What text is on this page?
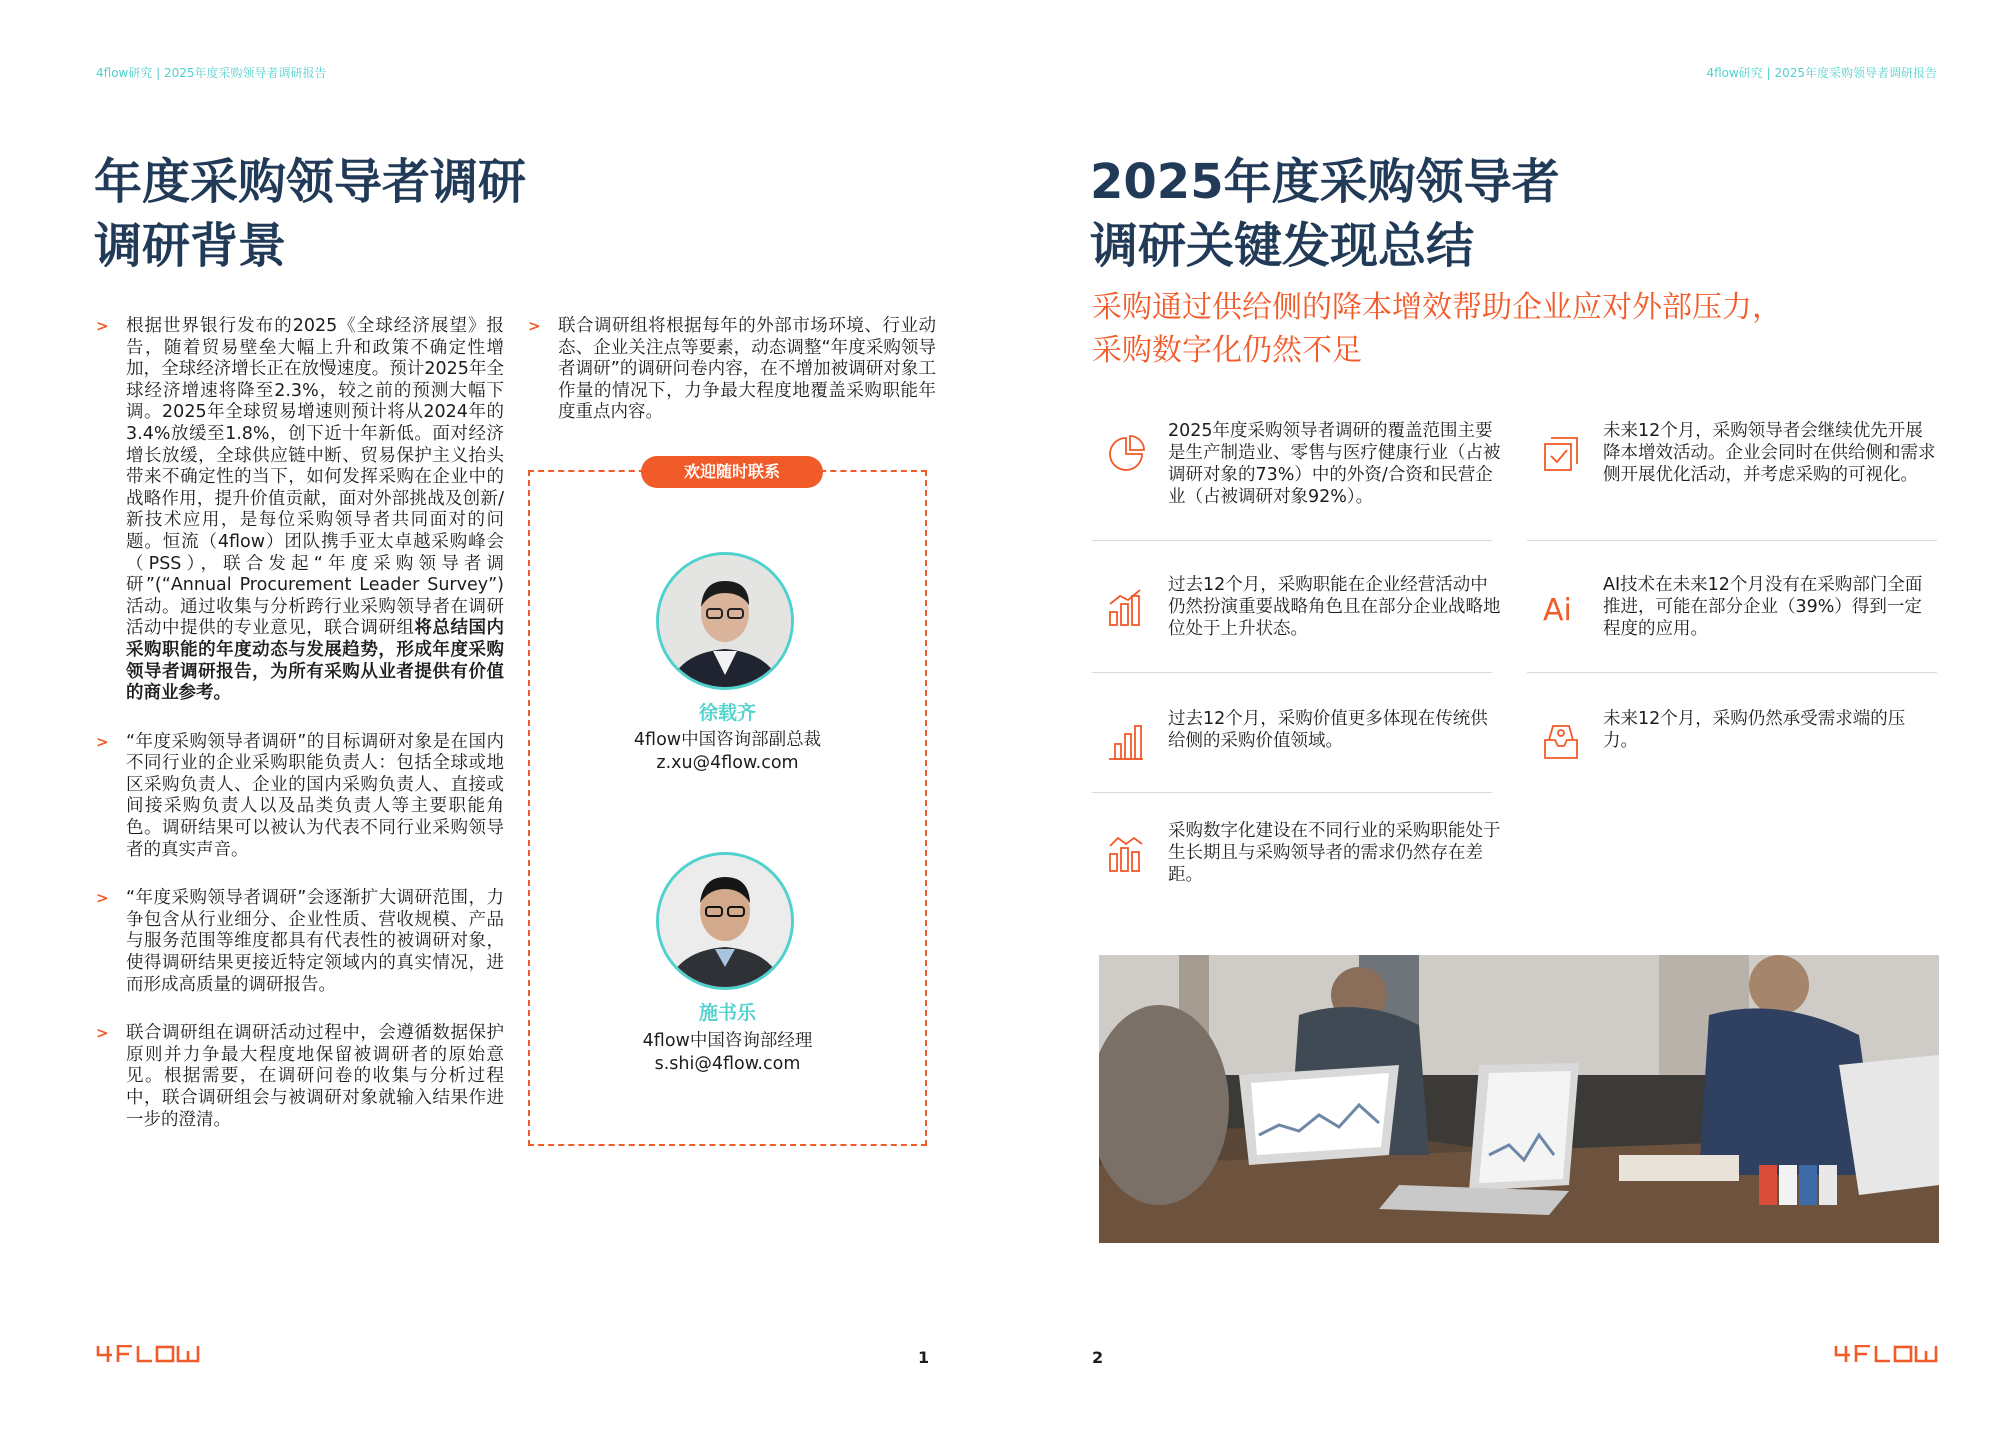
4flow研究 | 2025年度采购领导者调研报告
年度采购领导者调研
调研背景
> 根据世界银行发布的2025《全球经济展望》报告，随着贸易壁垒大幅上升和政策不确定性增加，全球经济增长正在放慢速度。预计2025年全球经济增速将降至2.3%，较之前的预测大幅下调。2025年全球贸易增速则预计将从2024年的3.4%放缓至1.8%，创下近十年新低。面对经济增长放缓，全球供应链中断、贸易保护主义抬头带来不确定性的当下，如何发挥采购在企业中的战略作用，提升价值贡献，面对外部挑战及创新/新技术应用，是每位采购领导者共同面对的问题。恒流（4flow）团队携手亚太卓越采购峰会（PSS），联合发起“年度采购领导者调研”(“Annual Procurement Leader Survey”)活动。通过收集与分析跨行业采购领导者在调研活动中提供的专业意见，联合调研组将总结国内采购职能的年度动态与发展趋势，形成年度采购领导者调研报告，为所有采购从业者提供有价值的商业参考。
> “年度采购领导者调研”的目标调研对象是在国内不同行业的企业采购职能负责人：包括全球或地区采购负责人、企业的国内采购负责人、直接或间接采购负责人以及品类负责人等主要职能角色。调研结果可以被认为代表不同行业采购领导者的真实声音。
> “年度采购领导者调研”会逐渐扩大调研范围，力争包含从行业细分、企业性质、营收规模、产品与服务范围等维度都具有代表性的被调研对象，使得调研结果更接近特定领域内的真实情况，进而形成高质量的调研报告。
> 联合调研组在调研活动过程中，会遵循数据保护原则并力争最大程度地保留被调研者的原始意见。根据需要，在调研问卷的收集与分析过程中，联合调研组会与被调研对象就输入结果作进一步的澄清。
> 联合调研组将根据每年的外部市场环境、行业动态、企业关注点等要素，动态调整“年度采购领导者调研”的调研问卷内容，在不增加被调研对象工作量的情况下，力争最大程度地覆盖采购职能年度重点内容。
欢迎随时联系
徐载齐
4flow中国咨询部副总裁
z.xu@4flow.com
施书乐
4flow中国咨询部经理
s.shi@4flow.com
1
4flow研究 | 2025年度采购领导者调研报告
2025年度采购领导者
调研关键发现总结
采购通过供给侧的降本增效帮助企业应对外部压力，
采购数字化仍然不足
2025年度采购领导者调研的覆盖范围主要是生产制造业、零售与医疗健康行业（占被调研对象的73%）中的外资/合资和民营企业（占被调研对象92%）。
过去12个月，采购职能在企业经营活动中仍然扮演重要战略角色且在部分企业战略地位处于上升状态。
过去12个月，采购价值更多体现在传统供给侧的采购价值领域。
采购数字化建设在不同行业的采购职能处于生长期且与采购领导者的需求仍然存在差距。
未来12个月，采购领导者会继续优先开展降本增效活动。企业会同时在供给侧和需求侧开展优化活动，并考虑采购的可视化。
Ai
AI技术在未来12个月没有在采购部门全面推进，可能在部分企业（39%）得到一定程度的应用。
未来12个月，采购仍然承受需求端的压力。
2
